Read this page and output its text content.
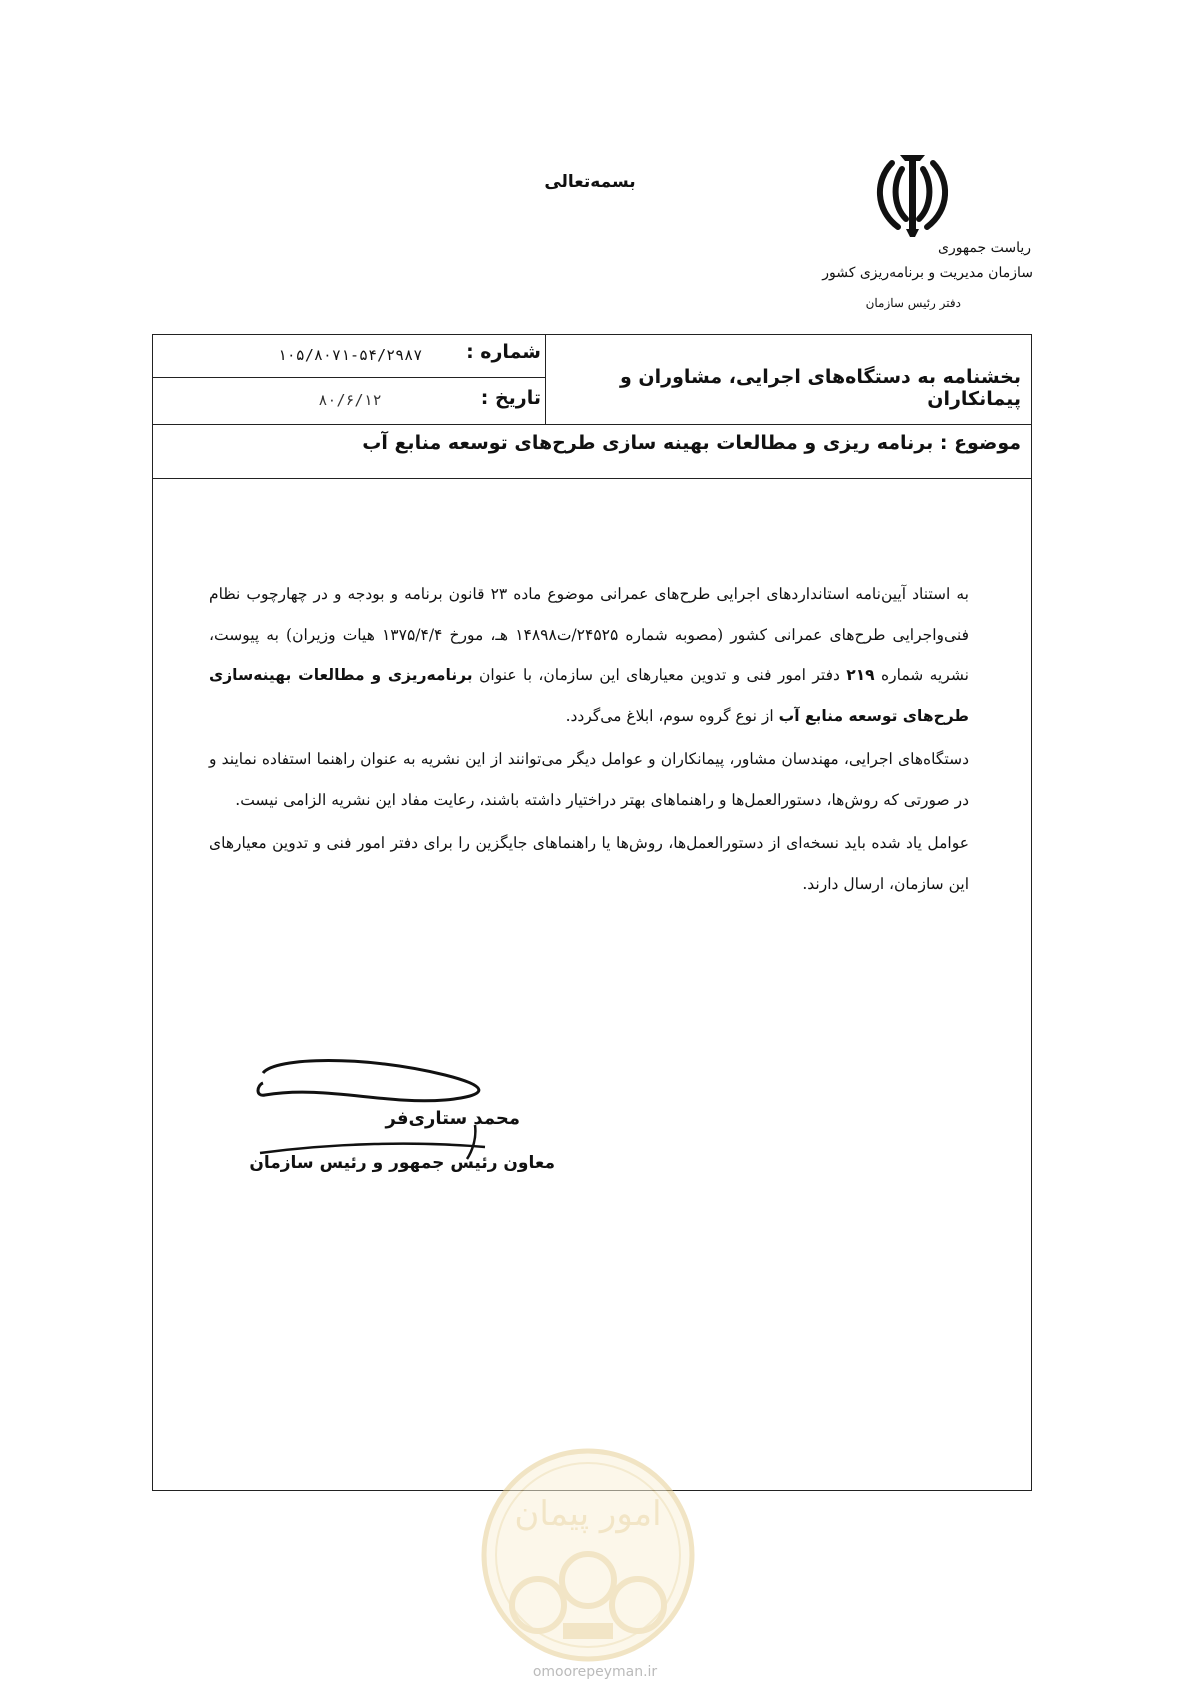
بسمه‌تعالی
ریاست جمهوری
سازمان مدیریت و برنامه‌ریزی کشور
دفتر رئیس سازمان
بخشنامه به دستگاه‌های اجرایی، مشاوران و پیمانکاران
شماره :
۱۰۵/۸۰۷۱-۵۴/۲۹۸۷
تاریخ :
۸۰/۶/۱۲
موضوع : برنامه ریزی و مطالعات بهینه سازی طرح‌های توسعه منابع آب

به استناد آیین‌نامه استانداردهای اجرایی طرح‌های عمرانی موضوع ماده ۲۳ قانون برنامه و بودجه و در چهارچوب نظام فنی‌واجرایی طرح‌های عمرانی کشور (مصوبه شماره ۲۴۵۲۵/ت۱۴۸۹۸ هـ، مورخ ۱۳۷۵/۴/۴ هیات وزیران) به پیوست، نشریه شماره ۲۱۹ دفتر امور فنی و تدوین معیارهای این سازمان، با عنوان برنامه‌ریزی و مطالعات بهینه‌سازی طرح‌های توسعه منابع آب از نوع گروه سوم، ابلاغ می‌گردد.

دستگاه‌های اجرایی، مهندسان مشاور، پیمانکاران و عوامل دیگر می‌توانند از این نشریه به عنوان راهنما استفاده نمایند و در صورتی که روش‌ها، دستورالعمل‌ها و راهنماهای بهتر دراختیار داشته باشند، رعایت مفاد این نشریه الزامی نیست.

عوامل یاد شده باید نسخه‌ای از دستورالعمل‌ها، روش‌ها یا راهنماهای جایگزین را برای دفتر امور فنی و تدوین معیارهای این سازمان، ارسال دارند.

محمد ستاری‌فر
معاون رئیس جمهور و رئیس سازمان
امور پیمان
omoorepeyman.ir
